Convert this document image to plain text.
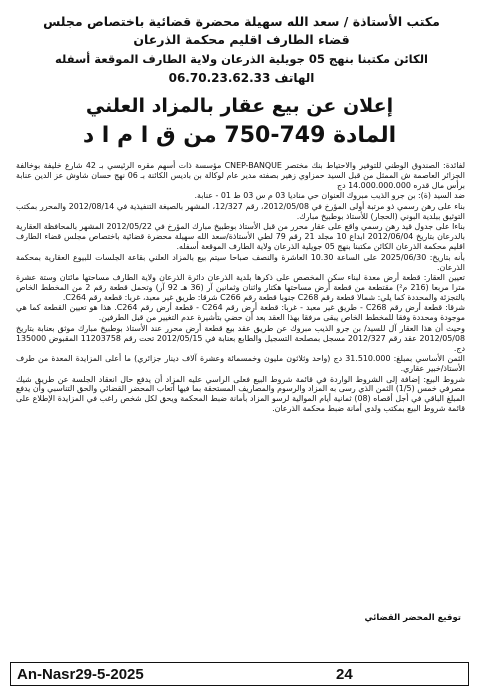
مكتب الأستاذة / سعد الله سهيلة محضرة قضائية باختصاص مجلس
قضاء الطارف اقليم محكمة الذرعان
الكائن مكتبنا بنهج 05 جويلية الذرعان ولاية الطارف الموقعة أسفله
الهاتف 06.70.23.62.33
إعلان عن بيع عقار بالمزاد العلني
المادة 749-750 من ق ا م ا د

لفائدة: الصندوق الوطني للتوفير والاحتياط بنك مختصر CNEP-BANQUE مؤسسة ذات أسهم مقره الرئيسي بـ 42 شارع خليفة بوخالفة الجزائر العاصمة ش الممثل من قبل السيد حمزاوي زهير بصفته مدير عام لوكالة بن باديس الكائنة بـ 06 نهج حسان شاوش عز الدين عنابة برأس مال قدره 14.000.000.000 دج

ضد السيد (ة): بن جرو الذيب مبروك العنوان حي مناديا 03 م س 03 ط 01 - عنابة.

بناء على رهن رسمي ذو مرتبة أولى المؤرخ في 2012/05/08، رقم 12/327، المشهر بالصيغة التنفيذية في 2012/08/14 والمحرر بمكتب التوثيق ببلدية البوني (الحجار) للأستاذ بوطبيخ مبارك.

بناءا على جدول قيد رهن رسمي واقع على عقار محرر من قبل الأستاذ بوطبيخ مبارك المؤرخ في 2012/05/22 المشهر بالمحافظة العقارية بالدرعان بتاريخ 2012/06/04 ابداع 10 مجلد 21 رقم 79 لطي الأستاذة/سعد الله سهيلة محضرة قضائية باختصاص مجلس قضاء الطارف اقليم محكمة الذرعان الكائن مكتبنا بنهج 05 جويلية الذرعان ولاية الطارف الموقعة أسفله.

بأنه بتاريخ: 2025/06/30 على الساعة 10.30 العاشرة والنصف صباحا سيتم بيع بالمزاد العلني بقاعة الجلسات للبيوع العقارية بمحكمة الذرعان.

تعيين العقار: قطعة أرض معدة لبناء سكن المخصص على ذكرها بلدية الذرعان دائرة الذرعان ولاية الطارف مساحتها مائتان وستة عشرة مترا مربعا (216 م²) مقتطعة من قطعة أرض مساحتها هكتار واثنان وثمانين آر (36 هـ 92 آر) وتحمل قطعة رقم 2 من المخطط الخاص بالتجزئة والمحددة كما يلي: شمالا قطعة رقم C268 جنوبا قطعة رقم C266 شرقا: طريق غير معبد، غربا: قطعة رقم C264.

شرقا: قطعة أرض رقم C268 - طريق غير معبد - غربا: قطعة أرض رقم C264 - قطعة أرض رقم C264. هذا هو تعيين القطعة كما هي موجودة ومحددة وفقا للمخطط الخاص يبقى مرفقا بهذا العقد بعد أن حضي بتأشيرة عدم التغيير من قبل الطرفين.

وحيث أن هذا العقار آل للسيد/ بن جرو الذيب مبروك عن طريق عقد بيع قطعة أرض محرر عند الأستاذ بوطبيخ مبارك موثق بعنابة بتاريخ 2012/05/08 عقد رقم 2012/327 مسجل بمصلحة التسجيل والطابع بعنابة في 2012/05/15 تحت رقم 11203758 المقبوض 135000 دج.

الثمن الأساسي بمبلغ: 31.510.000 دج (واحد وثلاثون مليون وخمسمائة وعشرة آلاف دينار جزائري) ما أعلى المزايدة المعدة من طرف الأستاذ/خبير عقاري.

شروط البيع: إضافة إلى الشروط الواردة في قائمة شروط البيع فعلى الراسي عليه المزاد أن يدفع حال انعقاد الجلسة عن طريق شيك مصرفي خمس (1/5) الثمن الذي رسى به المزاد والرسوم والمصاريف المستحقة بما فيها أتعاب المحضر القضائي والحق التناسبي وأن يدفع المبلغ الباقي في أجل أقصاه (08) ثمانية أيام الموالية لرسو المزاد بأمانة ضبط المحكمة ويحق لكل شخص راغب في المزايدة الإطلاع على قائمة شروط البيع بمكتب ولدى أمانة ضبط محكمة الذرعان.

توقيع المحضر القضائي
An-Nasr29-5-2025	24
